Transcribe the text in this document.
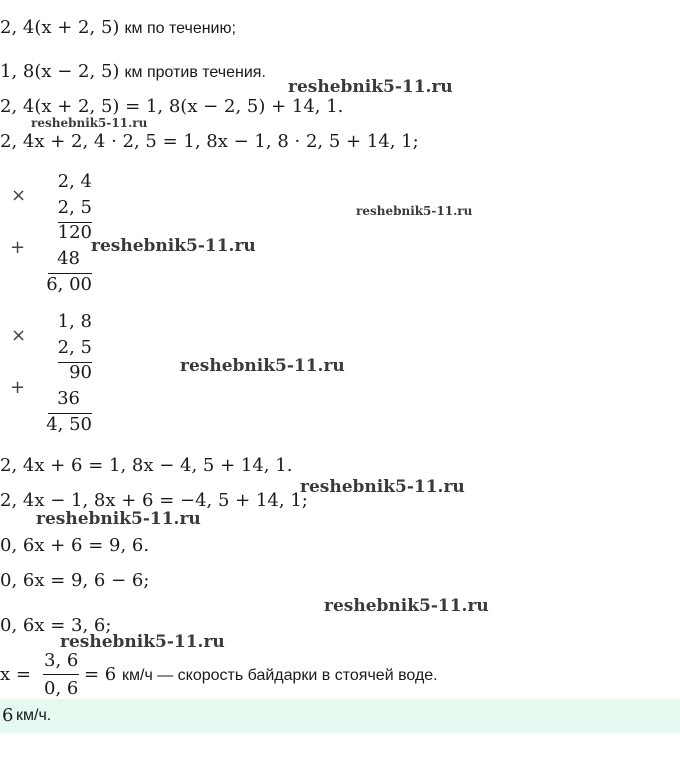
2, 4(x + 2, 5) км по течению;
1, 8(x − 2, 5) км против течения.
2, 4(x + 2, 5) = 1, 8(x − 2, 5) + 14, 1.
2, 4x + 2, 4 · 2, 5 = 1, 8x − 1, 8 · 2, 5 + 14, 1;
×
2, 4
2, 5
120
+
48
6, 00
×
1, 8
2, 5
90
+
36
4, 50
2, 4x + 6 = 1, 8x − 4, 5 + 14, 1.
2, 4x − 1, 8x + 6 = −4, 5 + 14, 1;
0, 6x + 6 = 9, 6.
0, 6x = 9, 6 − 6;
0, 6x = 3, 6;
x =
3, 6
0, 6
= 6 км/ч — скорость байдарки в стоячей воде.
6 км/ч.
reshebnik5-11.ru
reshebnik5-11.ru
reshebnik5-11.ru
reshebnik5-11.ru
reshebnik5-11.ru
reshebnik5-11.ru
reshebnik5-11.ru
reshebnik5-11.ru
reshebnik5-11.ru
